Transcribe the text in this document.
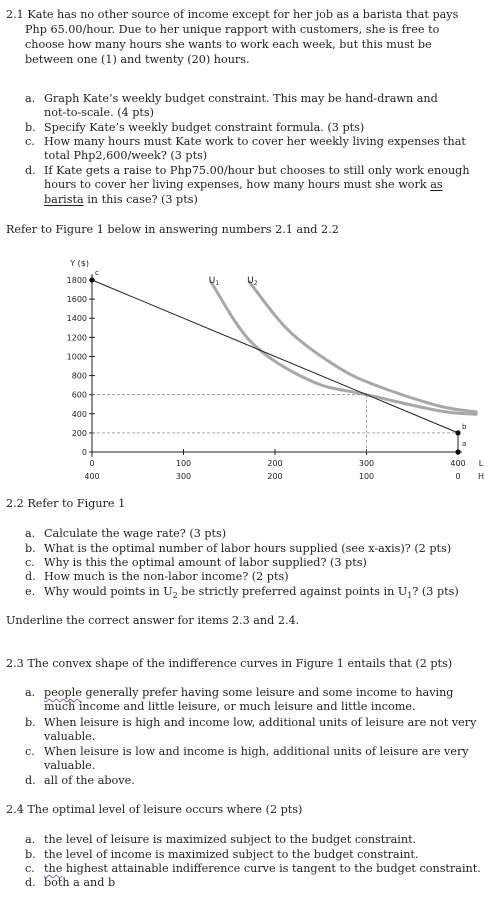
2.1 Kate has no other source of income except for her job as a barista that pays
Php 65.00/hour. Due to her unique rapport with customers, she is free to
choose how many hours she wants to work each week, but this must be
between one (1) and twenty (20) hours.
a. Graph Kate’s weekly budget constraint. This may be hand-drawn and
not-to-scale. (4 pts)
b. Specify Kate’s weekly budget constraint formula. (3 pts)
c. How many hours must Kate work to cover her weekly living expenses that
total Php2,600/week? (3 pts)
d. If Kate gets a raise to Php75.00/hour but chooses to still only work enough
hours to cover her living expenses, how many hours must she work as
barista in this case? (3 pts)
Refer to Figure 1 below in answering numbers 2.1 and 2.2
Y ($)
0
200
400
600
800
1000
1200
1400
1600
1800
0
400
100
300
200
200
300
100
400
0
L
H
$U_1$	$U_2$
c
b
a
2.2 Refer to Figure 1
a. Calculate the wage rate? (3 pts)
b. What is the optimal number of labor hours supplied (see x-axis)? (2 pts)
c. Why is this the optimal amount of labor supplied? (3 pts)
d. How much is the non-labor income? (2 pts)
e. Why would points in $U_2$ be strictly preferred against points in $U_1$? (3 pts)
Underline the correct answer for items 2.3 and 2.4.
2.3 The convex shape of the indifference curves in Figure 1 entails that (2 pts)
a. people generally prefer having some leisure and some income to having
much income and little leisure, or much leisure and little income.
b. When leisure is high and income low, additional units of leisure are not very
valuable.
c. When leisure is low and income is high, additional units of leisure are very
valuable.
d. all of the above.
2.4 The optimal level of leisure occurs where (2 pts)
a. the level of leisure is maximized subject to the budget constraint.
b. the level of income is maximized subject to the budget constraint.
c. the highest attainable indifference curve is tangent to the budget constraint.
d. both a and b
